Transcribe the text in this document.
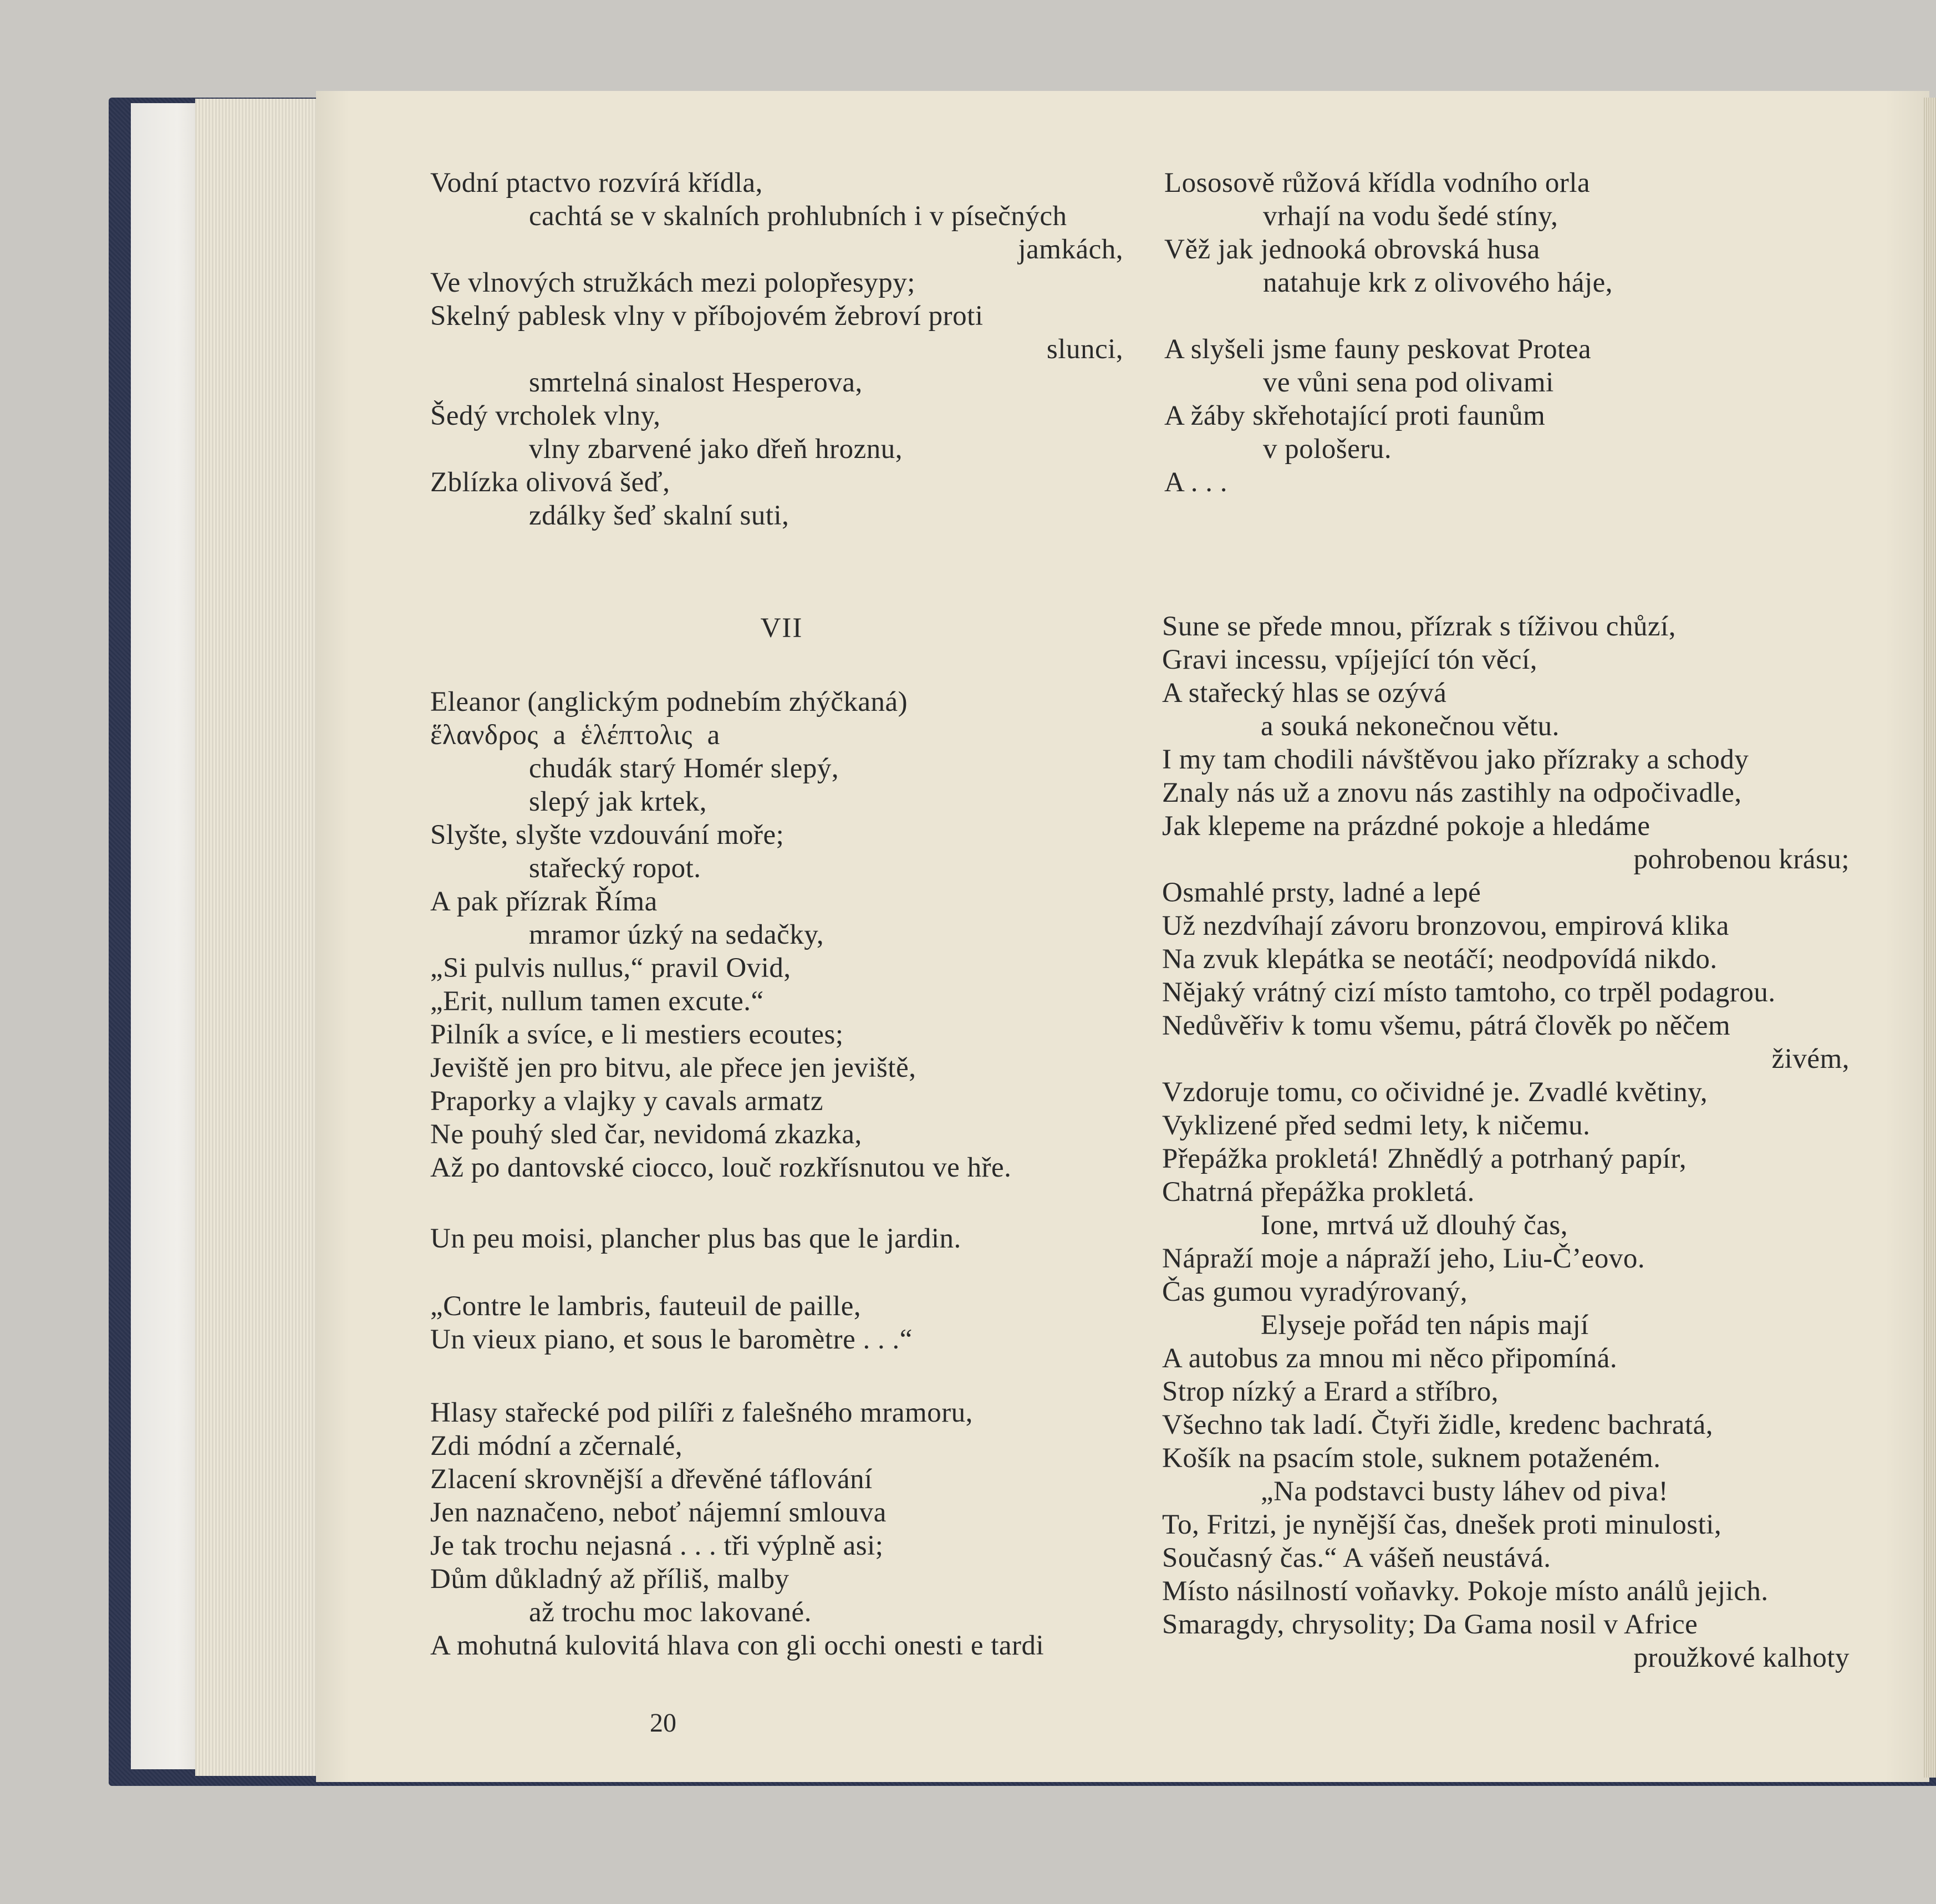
Vodní ptactvo rozvírá křídla,
cachtá se v skalních prohlubních i v písečných
jamkách,
Ve vlnových stružkách mezi polopřesypy;
Skelný pablesk vlny v příbojovém žebroví proti
slunci,
smrtelná sinalost Hesperova,
Šedý vrcholek vlny,
vlny zbarvené jako dřeň hroznu,
Zblízka olivová šeď,
zdálky šeď skalní suti,
Lososově růžová křídla vodního orla
vrhají na vodu šedé stíny,
Věž jak jednooká obrovská husa
natahuje krk z olivového háje,
A slyšeli jsme fauny peskovat Protea
ve vůni sena pod olivami
A žáby skřehotající proti faunům
v pološeru.
A . . .
VII
Eleanor (anglickým podnebím zhýčkaná)
ἕλανδρος  a  ἑλέπτολις  a
chudák starý Homér slepý,
slepý jak krtek,
Slyšte, slyšte vzdouvání moře;
stařecký ropot.
A pak přízrak Říma
mramor úzký na sedačky,
„Si pulvis nullus,“ pravil Ovid,
„Erit, nullum tamen excute.“
Pilník a svíce, e li mestiers ecoutes;
Jeviště jen pro bitvu, ale přece jen jeviště,
Praporky a vlajky y cavals armatz
Ne pouhý sled čar, nevidomá zkazka,
Až po dantovské ciocco, louč rozkřísnutou ve hře.
Un peu moisi, plancher plus bas que le jardin.
„Contre le lambris, fauteuil de paille,
Un vieux piano, et sous le baromètre . . .“
Hlasy stařecké pod pilíři z falešného mramoru,
Zdi módní a zčernalé,
Zlacení skrovnější a dřevěné táflování
Jen naznačeno, neboť nájemní smlouva
Je tak trochu nejasná . . . tři výplně asi;
Dům důkladný až příliš, malby
až trochu moc lakované.
A mohutná kulovitá hlava con gli occhi onesti e tardi
Sune se přede mnou, přízrak s tíživou chůzí,
Gravi incessu, vpíjející tón věcí,
A stařecký hlas se ozývá
a souká nekonečnou větu.
I my tam chodili návštěvou jako přízraky a schody
Znaly nás už a znovu nás zastihly na odpočivadle,
Jak klepeme na prázdné pokoje a hledáme
pohrobenou krásu;
Osmahlé prsty, ladné a lepé
Už nezdvíhají závoru bronzovou, empirová klika
Na zvuk klepátka se neotáčí; neodpovídá nikdo.
Nějaký vrátný cizí místo tamtoho, co trpěl podagrou.
Nedůvěřiv k tomu všemu, pátrá člověk po něčem
živém,
Vzdoruje tomu, co očividné je. Zvadlé květiny,
Vyklizené před sedmi lety, k ničemu.
Přepážka prokletá! Zhnědlý a potrhaný papír,
Chatrná přepážka prokletá.
Ione, mrtvá už dlouhý čas,
Nápraží moje a nápraží jeho, Liu-Č’eovo.
Čas gumou vyradýrovaný,
Elyseje pořád ten nápis mají
A autobus za mnou mi něco připomíná.
Strop nízký a Erard a stříbro,
Všechno tak ladí. Čtyři židle, kredenc bachratá,
Košík na psacím stole, suknem potaženém.
„Na podstavci busty láhev od piva!
To, Fritzi, je nynější čas, dnešek proti minulosti,
Současný čas.“ A vášeň neustává.
Místo násilností voňavky. Pokoje místo análů jejich.
Smaragdy, chrysolity; Da Gama nosil v Africe
proužkové kalhoty
20
